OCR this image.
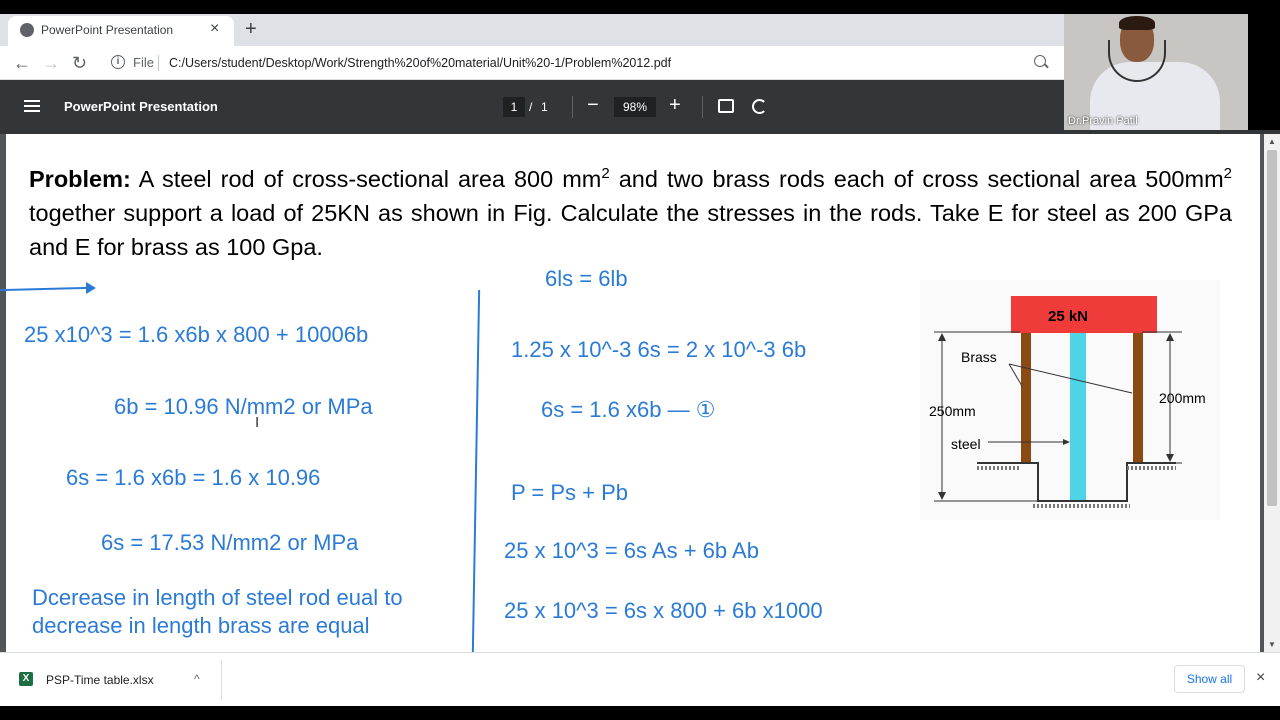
PowerPoint Presentation × +
← → ↻	i	File C:/Users/student/Desktop/Work/Strength%20of%20material/Unit%20-1/Problem%2012.pdf
Dr.Pravin Patil
PowerPoint Presentation	1 / 1 −	98%	+
▲
▼
Problem: A steel rod of cross-sectional area 800 $mm^2$ and two brass rods each of cross sectional area $500mm^2$ together support a load of 25KN as shown in Fig. Calculate the stresses in the rods. Take E for steel as 200 GPa and E for brass as 100 Gpa.
25 x10^3 = 1.6 x6b x 800 + 10006b
6b = 10.96 N/mm2 or MPa
6s = 1.6 x6b = 1.6 x 10.96
6s = 17.53 N/mm2 or MPa
Dcerease in length of steel rod eual to decrease in length brass are equal
6ls = 6lb
1.25 x 10^-3 6s = 2 x 10^-3 6b
6s = 1.6 x6b — ①
P = Ps + Pb
25 x 10^3 = 6s As + 6b Ab
25 x 10^3 = 6s x 800 + 6b x1000
I
25 kN
250mm
200mm
Brass
steel
X	PSP-Time table.xlsx	^	Show all	×
